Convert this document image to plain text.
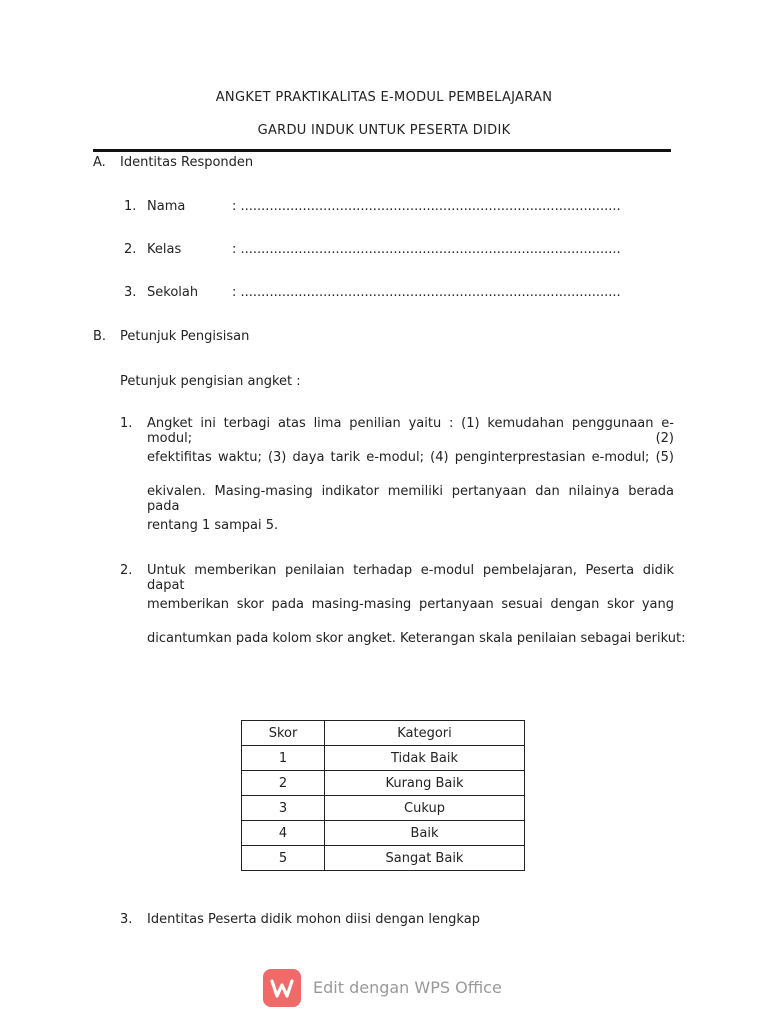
ANGKET PRAKTIKALITAS E-MODUL PEMBELAJARAN
GARDU INDUK UNTUK PESERTA DIDIK
A. Identitas Responden
1. Nama	: ............................................................................................
2. Kelas	: ............................................................................................
3. Sekolah	: ............................................................................................
B. Petunjuk Pengisisan
Petunjuk pengisian angket :
1. Angket ini terbagi atas lima penilian yaitu : (1) kemudahan penggunaan e-modul; (2)
efektifitas waktu; (3) daya tarik e-modul; (4) penginterprestasian e-modul; (5)
ekivalen. Masing-masing indikator memiliki pertanyaan dan nilainya berada pada
rentang 1 sampai 5.
2. Untuk memberikan penilaian terhadap e-modul pembelajaran, Peserta didik dapat
memberikan skor pada masing-masing pertanyaan sesuai dengan skor yang
dicantumkan pada kolom skor angket. Keterangan skala penilaian sebagai berikut:
Skor	Kategori
1	Tidak Baik
2	Kurang Baik
3	Cukup
4	Baik
5	Sangat Baik
3. Identitas Peserta didik mohon diisi dengan lengkap
Edit dengan WPS Office
